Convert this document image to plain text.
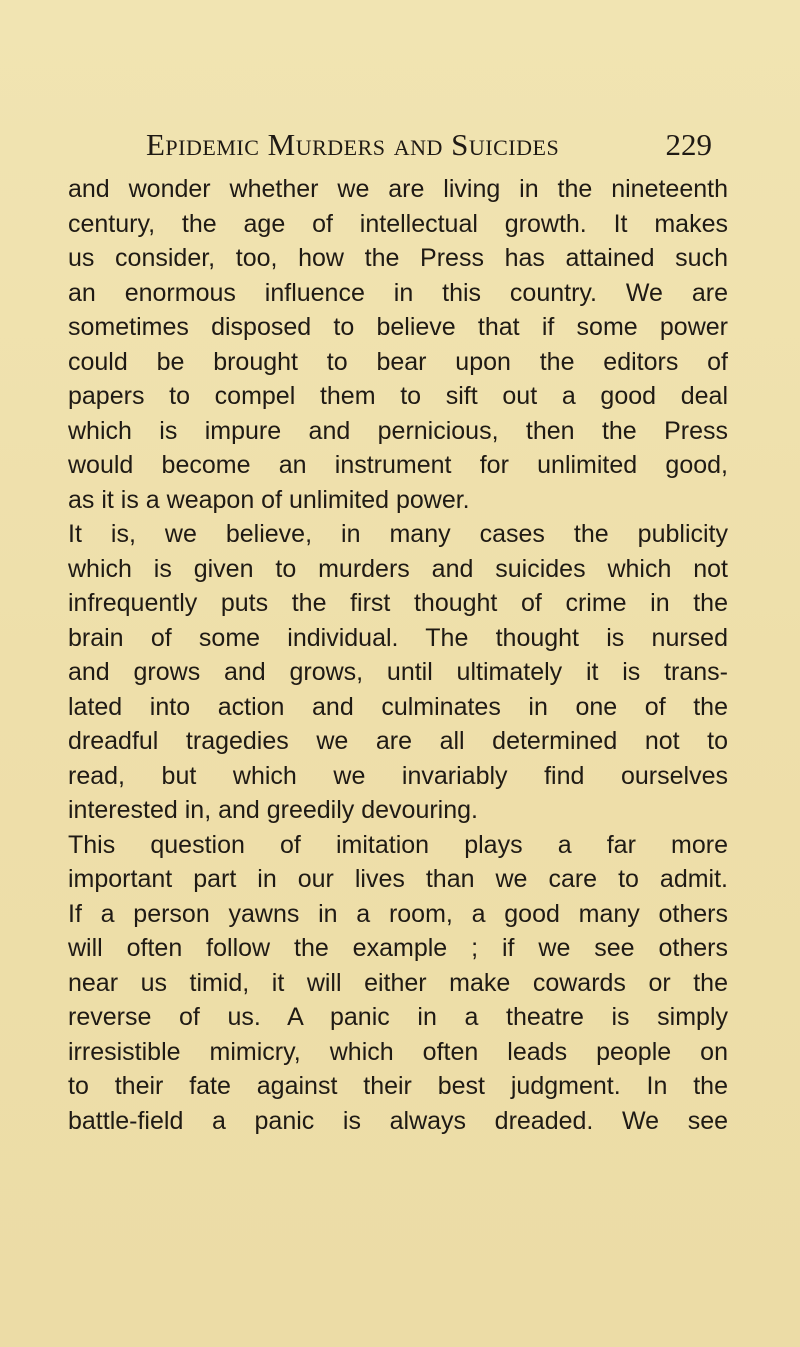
Epidemic Murders and Suicides	229
and wonder whether we are living in the nineteenth
century, the age of intellectual growth. It makes
us consider, too, how the Press has attained such
an enormous influence in this country. We are
sometimes disposed to believe that if some power
could be brought to bear upon the editors of
papers to compel them to sift out a good deal
which is impure and pernicious, then the Press
would become an instrument for unlimited good,
as it is a weapon of unlimited power.
It is, we believe, in many cases the publicity
which is given to murders and suicides which not
infrequently puts the first thought of crime in the
brain of some individual. The thought is nursed
and grows and grows, until ultimately it is trans-
lated into action and culminates in one of the
dreadful tragedies we are all determined not to
read, but which we invariably find ourselves
interested in, and greedily devouring.
This question of imitation plays a far more
important part in our lives than we care to admit.
If a person yawns in a room, a good many others
will often follow the example ; if we see others
near us timid, it will either make cowards or the
reverse of us. A panic in a theatre is simply
irresistible mimicry, which often leads people on
to their fate against their best judgment. In the
battle-field a panic is always dreaded. We see
